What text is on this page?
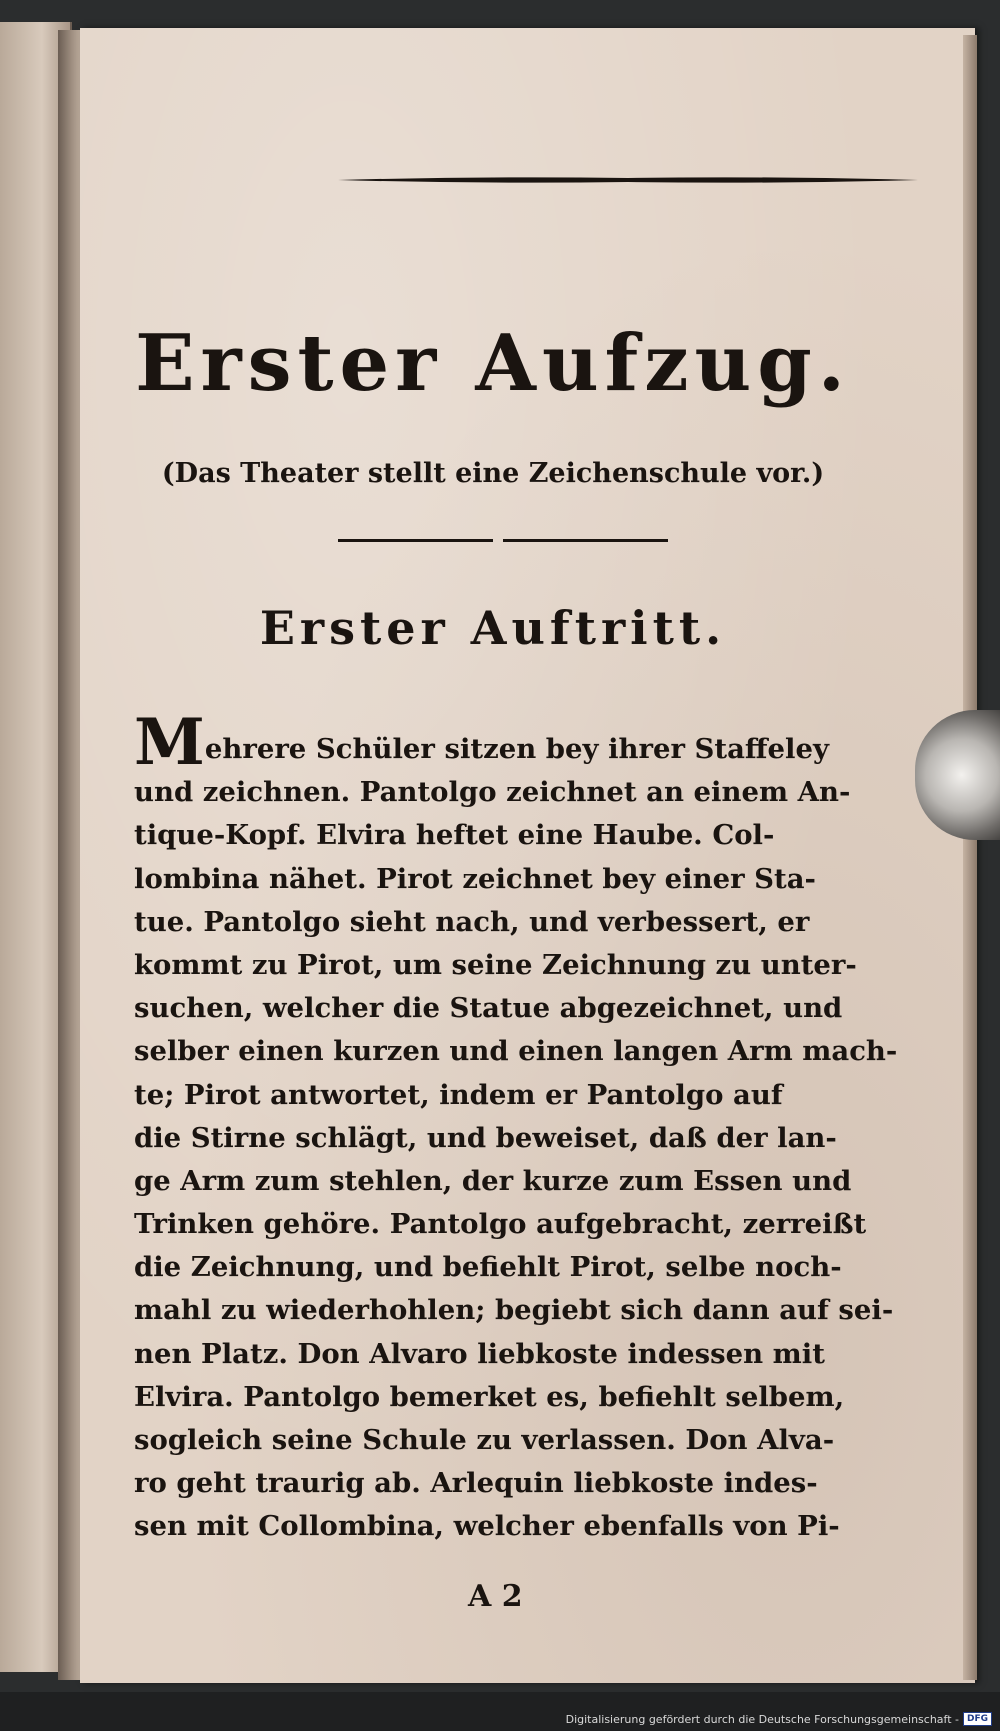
Erster Aufzug.
(Das Theater stellt eine Zeichenschule vor.)
Erster Auftritt.
Mehrere Schüler sitzen bey ihrer Staffeley
und zeichnen. Pantolgo zeichnet an einem An-
tique-Kopf. Elvira heftet eine Haube. Col-
lombina nähet. Pirot zeichnet bey einer Sta-
tue. Pantolgo sieht nach, und verbessert, er
kommt zu Pirot, um seine Zeichnung zu unter-
suchen, welcher die Statue abgezeichnet, und
selber einen kurzen und einen langen Arm mach-
te; Pirot antwortet, indem er Pantolgo auf
die Stirne schlägt, und beweiset, daß der lan-
ge Arm zum stehlen, der kurze zum Essen und
Trinken gehöre. Pantolgo aufgebracht, zerreißt
die Zeichnung, und befiehlt Pirot, selbe noch-
mahl zu wiederhohlen; begiebt sich dann auf sei-
nen Platz. Don Alvaro liebkoste indessen mit
Elvira. Pantolgo bemerket es, befiehlt selbem,
sogleich seine Schule zu verlassen. Don Alva-
ro geht traurig ab. Arlequin liebkoste indes-
sen mit Collombina, welcher ebenfalls von Pi-
A 2
Digitalisierung gefördert durch die Deutsche Forschungsgemeinschaft - DFG
